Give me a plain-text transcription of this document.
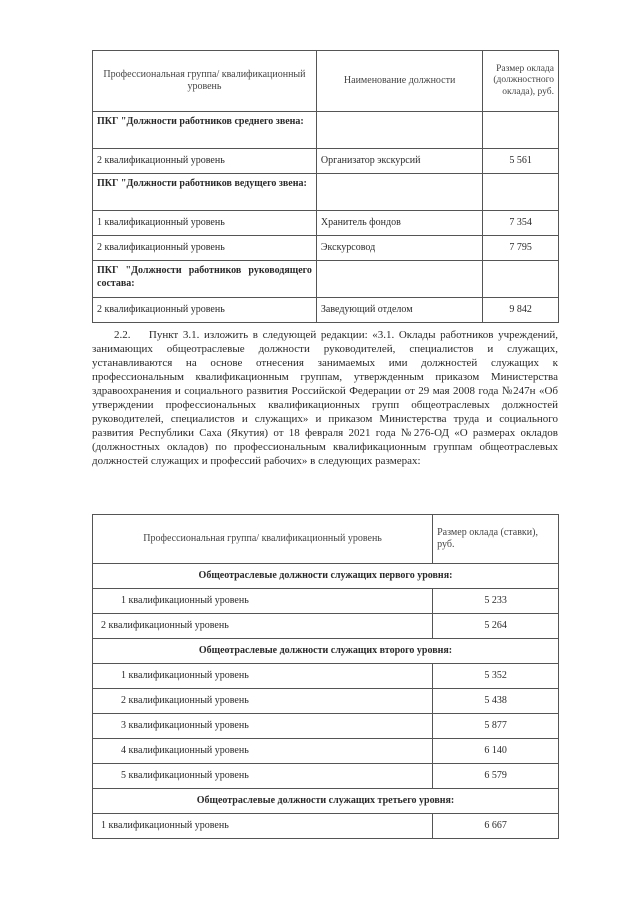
Профессиональная группа/ квалификационный уровень	Наименование должности	Размер оклада (должностного оклада), руб.
ПКГ "Должности работников среднего звена:		
2 квалификационный уровень	Организатор экскурсий	5 561
ПКГ "Должности работников ведущего звена:		
1 квалификационный уровень	Хранитель фондов	7 354
2 квалификационный уровень	Экскурсовод	7 795
ПКГ "Должности работников руководящего состава:		
2 квалификационный уровень	Заведующий отделом	9 842

2.2. Пункт 3.1. изложить в следующей редакции: «3.1. Оклады работников учреждений, занимающих общеотраслевые должности руководителей, специалистов и служащих, устанавливаются на основе отнесения занимаемых ими должностей служащих к профессиональным квалификационным группам, утвержденным приказом Министерства здравоохранения и социального развития Российской Федерации от 29 мая 2008 года №247н «Об утверждении профессиональных квалификационных групп общеотраслевых должностей руководителей, специалистов и служащих» и приказом Министерства труда и социального развития Республики Саха (Якутия) от 18 февраля 2021 года №276-ОД «О размерах окладов (должностных окладов) по профессиональным квалификационным группам общеотраслевых должностей служащих и профессий рабочих» в следующих размерах:

Профессиональная группа/ квалификационный уровень	Размер оклада (ставки), руб.
Общеотраслевые должности служащих первого уровня:	
1 квалификационный уровень	5 233
2 квалификационный уровень	5 264
Общеотраслевые должности служащих второго уровня:	
1 квалификационный уровень	5 352
2 квалификационный уровень	5 438
3 квалификационный уровень	5 877
4 квалификационный уровень	6 140
5 квалификационный уровень	6 579
Общеотраслевые должности служащих третьего уровня:	
1 квалификационный уровень	6 667
